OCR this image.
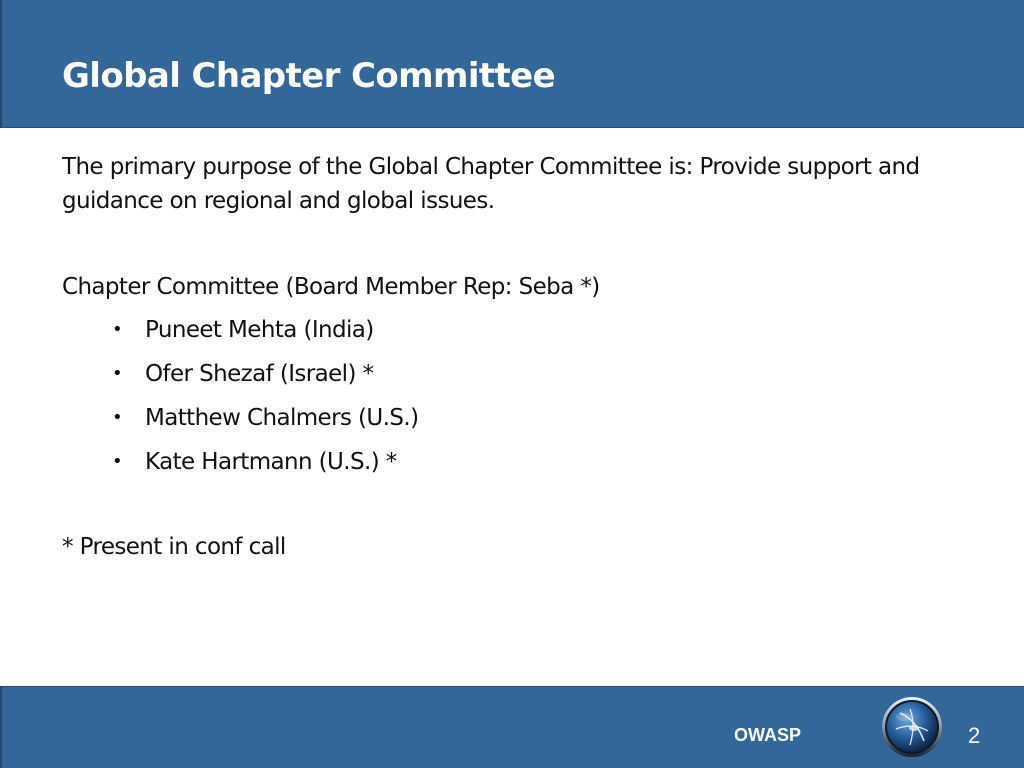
Global Chapter Committee

The primary purpose of the Global Chapter Committee is: Provide support and guidance on regional and global issues.

Chapter Committee (Board Member Rep: Seba *)

• Puneet Mehta (India)
• Ofer Shezaf (Israel) *
• Matthew Chalmers (U.S.)
• Kate Hartmann (U.S.) *

* Present in conf call

OWASP	2
